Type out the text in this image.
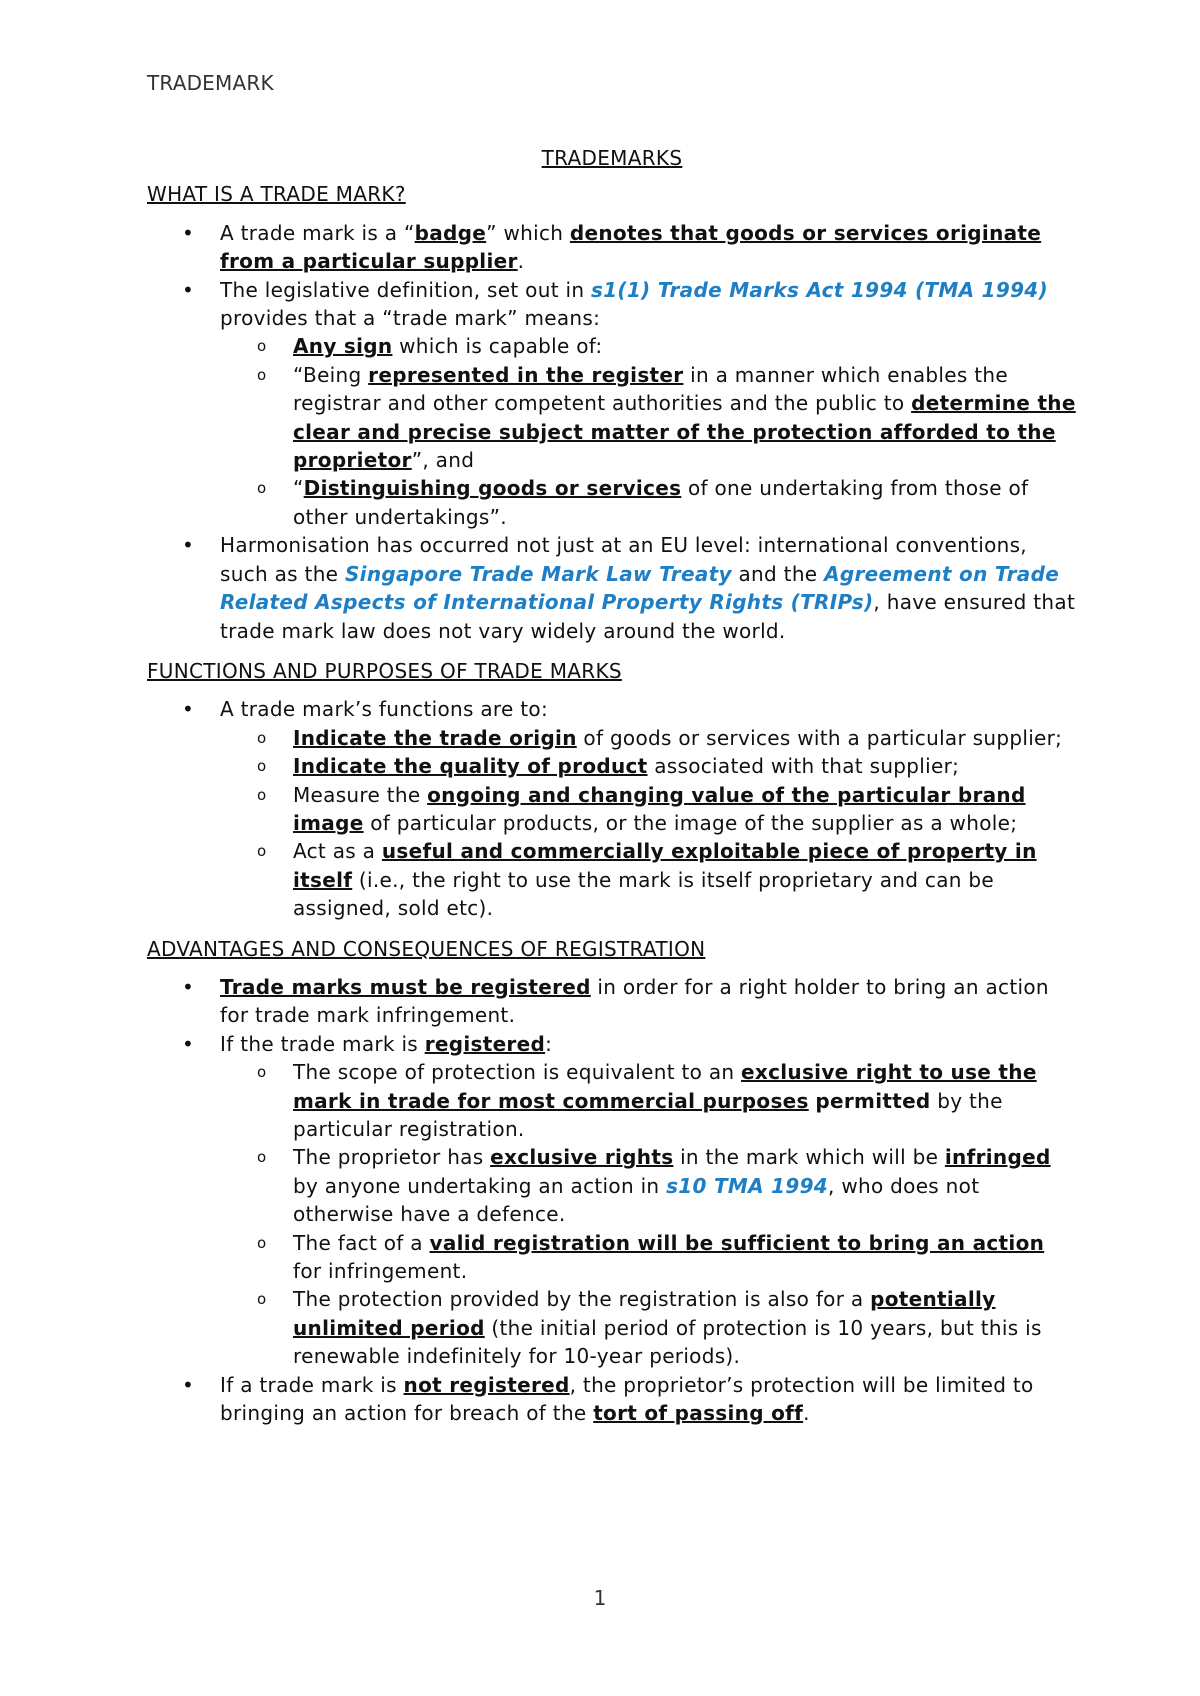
TRADEMARK
TRADEMARKS
WHAT IS A TRADE MARK?
• A trade mark is a “badge” which denotes that goods or services originate from a particular supplier.
• The legislative definition, set out in s1(1) Trade Marks Act 1994 (TMA 1994) provides that a “trade mark” means:
o Any sign which is capable of:
o “Being represented in the register in a manner which enables the registrar and other competent authorities and the public to determine the clear and precise subject matter of the protection afforded to the proprietor”, and
o “Distinguishing goods or services of one undertaking from those of other undertakings”.
• Harmonisation has occurred not just at an EU level: international conventions, such as the Singapore Trade Mark Law Treaty and the Agreement on Trade Related Aspects of International Property Rights (TRIPs), have ensured that trade mark law does not vary widely around the world.
FUNCTIONS AND PURPOSES OF TRADE MARKS
• A trade mark’s functions are to:
o Indicate the trade origin of goods or services with a particular supplier;
o Indicate the quality of product associated with that supplier;
o Measure the ongoing and changing value of the particular brand image of particular products, or the image of the supplier as a whole;
o Act as a useful and commercially exploitable piece of property in itself (i.e., the right to use the mark is itself proprietary and can be assigned, sold etc).
ADVANTAGES AND CONSEQUENCES OF REGISTRATION
• Trade marks must be registered in order for a right holder to bring an action for trade mark infringement.
• If the trade mark is registered:
o The scope of protection is equivalent to an exclusive right to use the mark in trade for most commercial purposes permitted by the particular registration.
o The proprietor has exclusive rights in the mark which will be infringed by anyone undertaking an action in s10 TMA 1994, who does not otherwise have a defence.
o The fact of a valid registration will be sufficient to bring an action for infringement.
o The protection provided by the registration is also for a potentially unlimited period (the initial period of protection is 10 years, but this is renewable indefinitely for 10-year periods).
• If a trade mark is not registered, the proprietor’s protection will be limited to bringing an action for breach of the tort of passing off.
1
